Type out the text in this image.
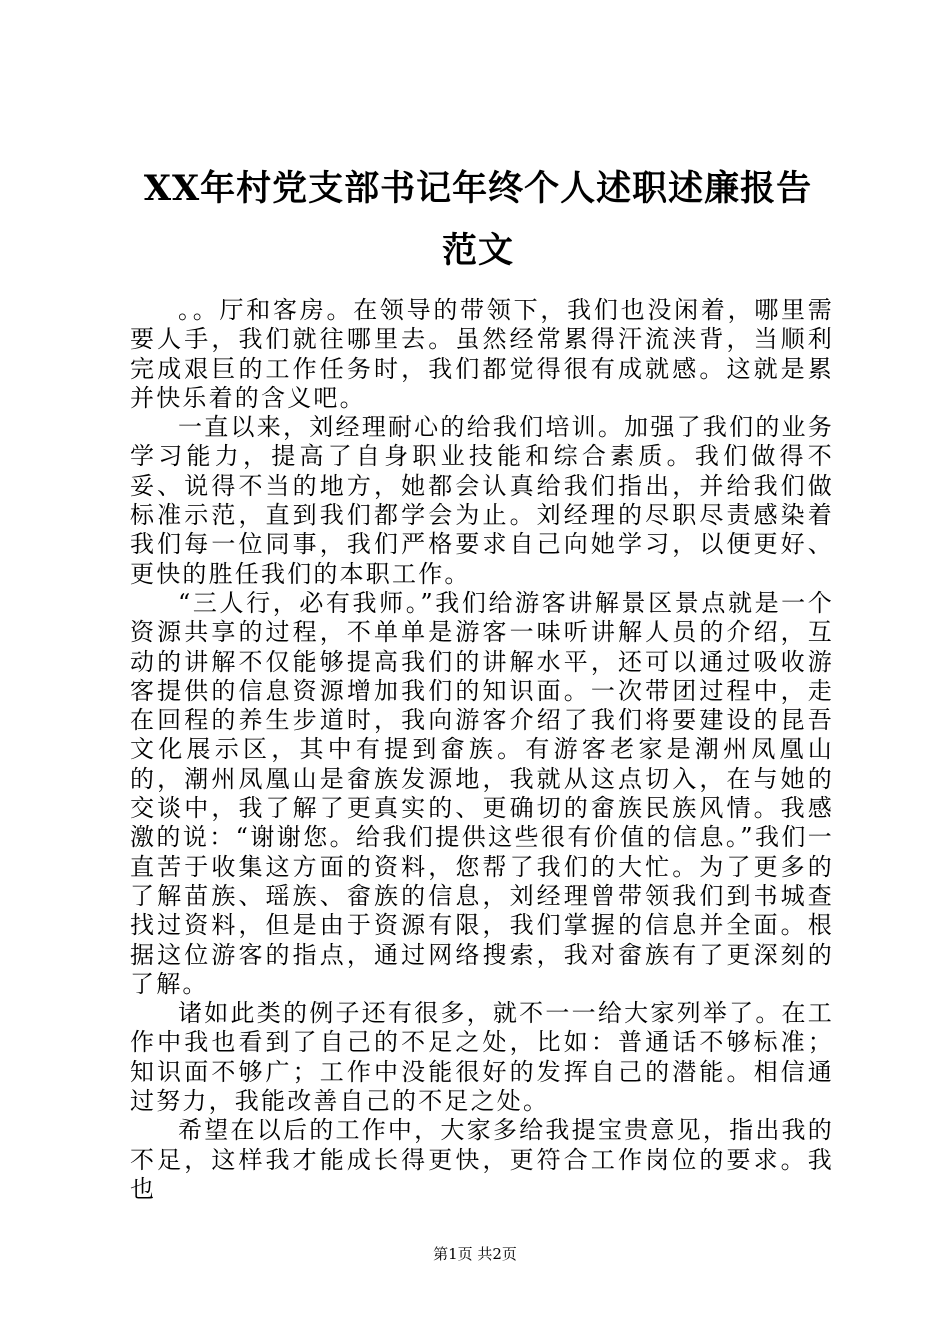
XX年村党支部书记年终个人述职述廉报告范文

。。厅和客房。在领导的带领下，我们也没闲着，哪里需要人手，我们就往哪里去。虽然经常累得汗流浃背，当顺利完成艰巨的工作任务时，我们都觉得很有成就感。这就是累并快乐着的含义吧。

一直以来，刘经理耐心的给我们培训。加强了我们的业务学习能力，提高了自身职业技能和综合素质。我们做得不妥、说得不当的地方，她都会认真给我们指出，并给我们做标准示范，直到我们都学会为止。刘经理的尽职尽责感染着我们每一位同事，我们严格要求自己向她学习，以便更好、更快的胜任我们的本职工作。

“三人行，必有我师。”我们给游客讲解景区景点就是一个资源共享的过程，不单单是游客一味听讲解人员的介绍，互动的讲解不仅能够提高我们的讲解水平，还可以通过吸收游客提供的信息资源增加我们的知识面。一次带团过程中，走在回程的养生步道时，我向游客介绍了我们将要建设的昆吾文化展示区，其中有提到畲族。有游客老家是潮州凤凰山的，潮州凤凰山是畲族发源地，我就从这点切入，在与她的交谈中，我了解了更真实的、更确切的畲族民族风情。我感激的说：“谢谢您。给我们提供这些很有价值的信息。”我们一直苦于收集这方面的资料，您帮了我们的大忙。为了更多的了解苗族、瑶族、畲族的信息，刘经理曾带领我们到书城查找过资料，但是由于资源有限，我们掌握的信息并全面。根据这位游客的指点，通过网络搜索，我对畲族有了更深刻的了解。

诸如此类的例子还有很多，就不一一给大家列举了。在工作中我也看到了自己的不足之处，比如：普通话不够标准；知识面不够广；工作中没能很好的发挥自己的潜能。相信通过努力，我能改善自己的不足之处。

希望在以后的工作中，大家多给我提宝贵意见，指出我的不足，这样我才能成长得更快，更符合工作岗位的要求。我也

第1页 共2页
